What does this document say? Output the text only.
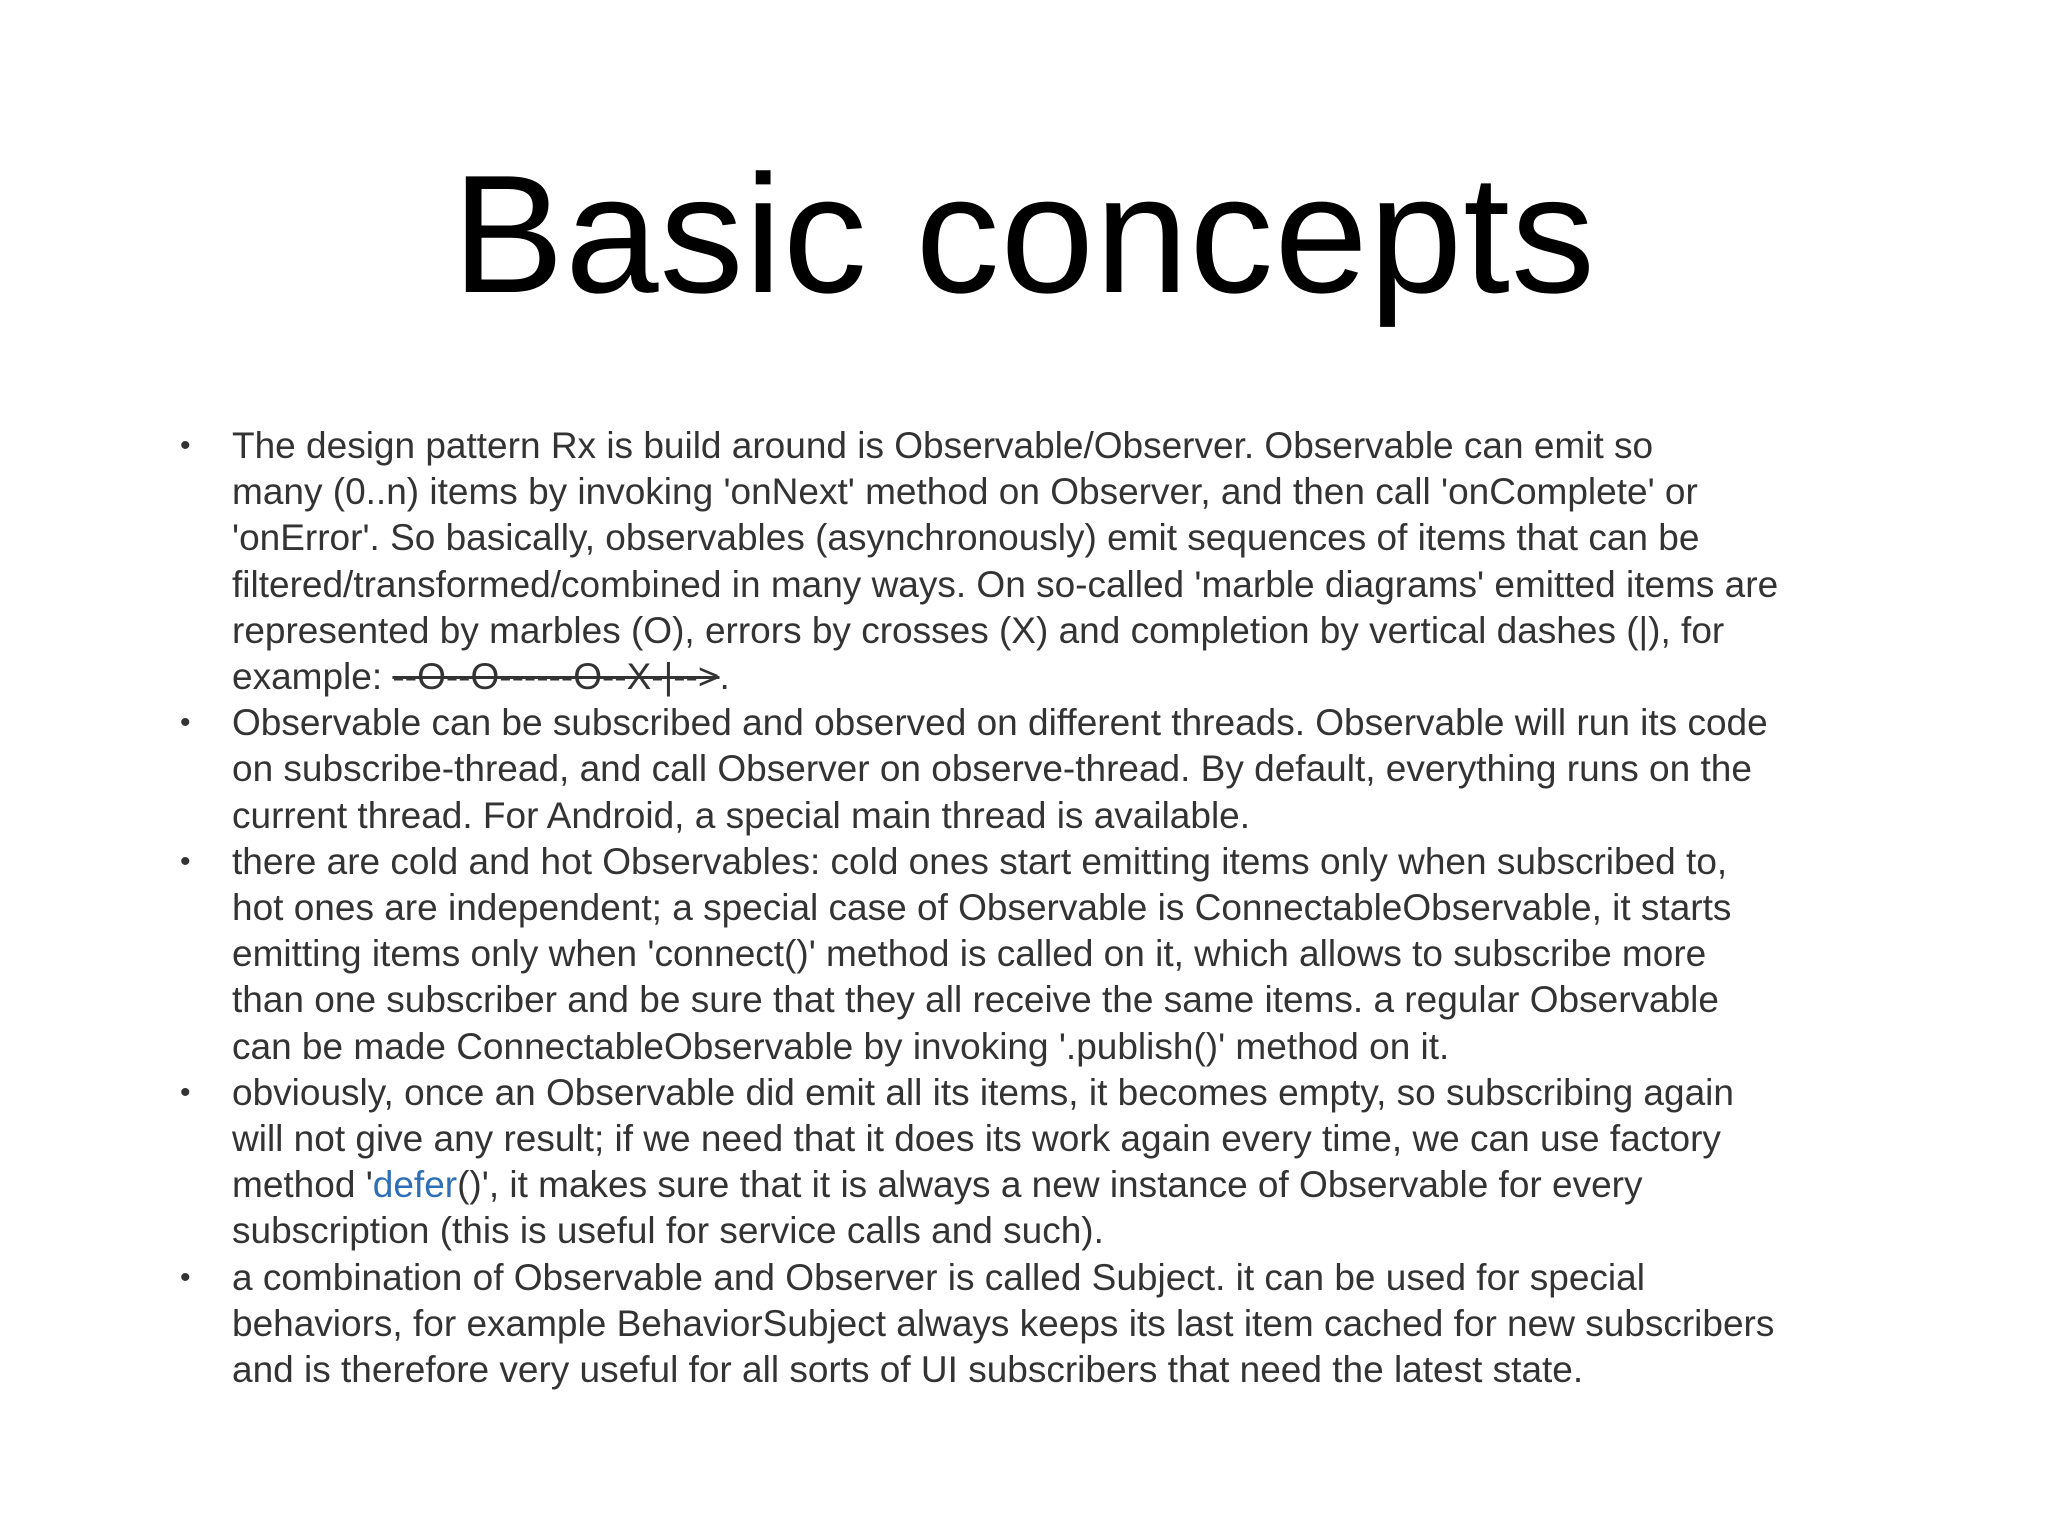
Basic concepts
• The design pattern Rx is build around is Observable/Observer. Observable can emit so
many (0..n) items by invoking 'onNext' method on Observer, and then call 'onComplete' or
'onError'. So basically, observables (asynchronously) emit sequences of items that can be
filtered/transformed/combined in many ways. On so-called 'marble diagrams' emitted items are
represented by marbles (O), errors by crosses (X) and completion by vertical dashes (|), for
example: --O--O------O--X-|-->.
• Observable can be subscribed and observed on different threads. Observable will run its code
on subscribe-thread, and call Observer on observe-thread. By default, everything runs on the
current thread. For Android, a special main thread is available.
• there are cold and hot Observables: cold ones start emitting items only when subscribed to,
hot ones are independent; a special case of Observable is ConnectableObservable, it starts
emitting items only when 'connect()' method is called on it, which allows to subscribe more
than one subscriber and be sure that they all receive the same items. a regular Observable
can be made ConnectableObservable by invoking '.publish()' method on it.
• obviously, once an Observable did emit all its items, it becomes empty, so subscribing again
will not give any result; if we need that it does its work again every time, we can use factory
method 'defer()', it makes sure that it is always a new instance of Observable for every
subscription (this is useful for service calls and such).
• a combination of Observable and Observer is called Subject. it can be used for special
behaviors, for example BehaviorSubject always keeps its last item cached for new subscribers
and is therefore very useful for all sorts of UI subscribers that need the latest state.
